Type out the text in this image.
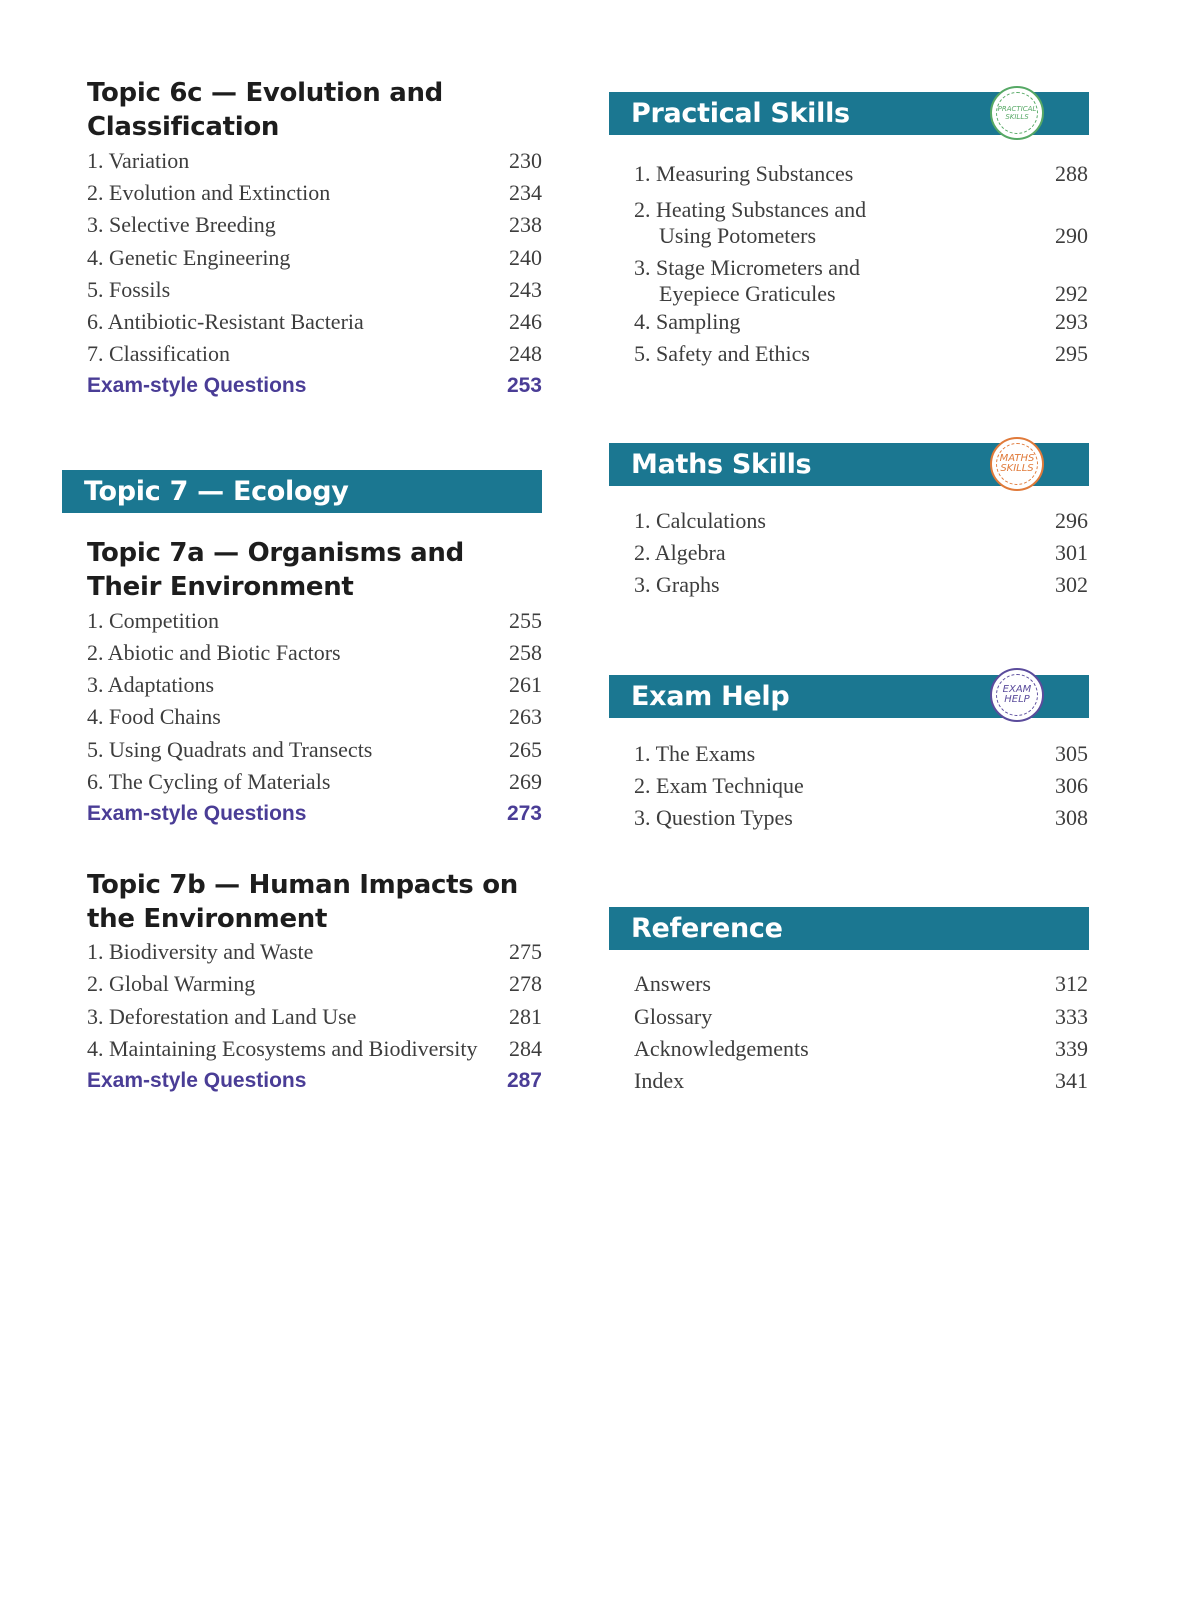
Topic 6c — Evolution and
Classification
1. Variation	230
2. Evolution and Extinction	234
3. Selective Breeding	238
4. Genetic Engineering	240
5. Fossils	243
6. Antibiotic-Resistant Bacteria	246
7. Classification	248
Exam-style Questions	253
Topic 7 — Ecology
Topic 7a — Organisms and
Their Environment
1. Competition	255
2. Abiotic and Biotic Factors	258
3. Adaptations	261
4. Food Chains	263
5. Using Quadrats and Transects	265
6. The Cycling of Materials	269
Exam-style Questions	273
Topic 7b — Human Impacts on
the Environment
1. Biodiversity and Waste	275
2. Global Warming	278
3. Deforestation and Land Use	281
4. Maintaining Ecosystems and Biodiversity 284
Exam-style Questions	287
Practical Skills	PRACTICAL
SKILLS
1. Measuring Substances	288
2. Heating Substances and
Using Potometers	290
3. Stage Micrometers and
Eyepiece Graticules	292
4. Sampling	293
5. Safety and Ethics	295
Maths Skills	MATHS
SKILLS
1. Calculations	296
2. Algebra	301
3. Graphs	302
Exam Help	EXAM
HELP
1. The Exams	305
2. Exam Technique	306
3. Question Types	308
Reference
Answers	312
Glossary	333
Acknowledgements	339
Index	341
